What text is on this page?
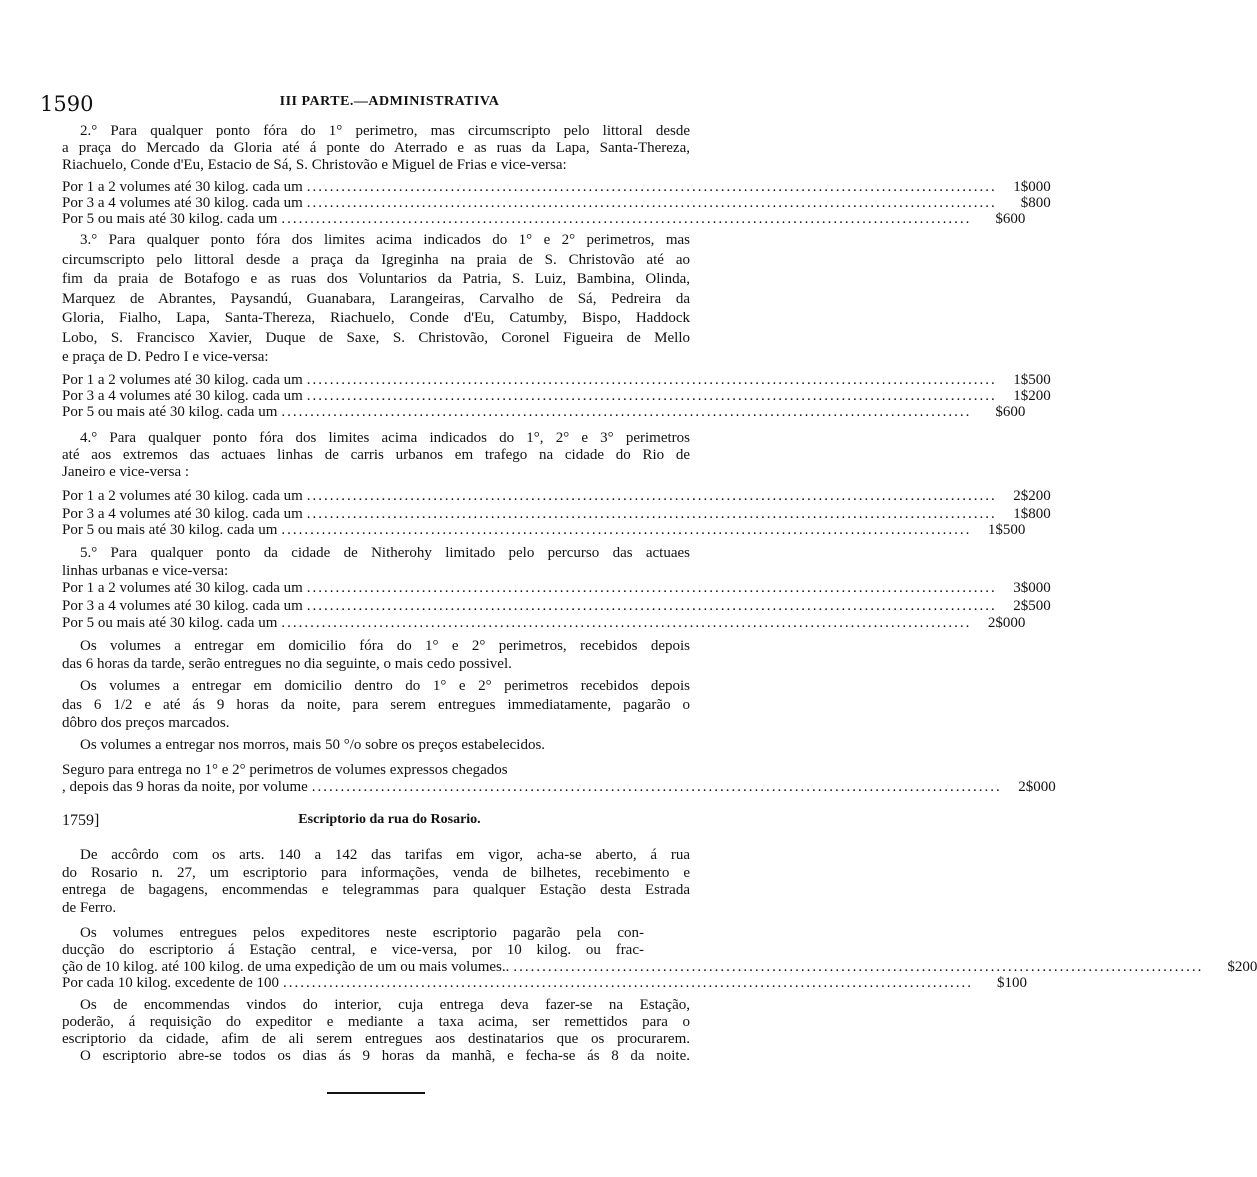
1590	III PARTE.—ADMINISTRATIVA
1759]	Escriptorio da rua do Rosario.
2.° Para qualquer ponto fóra do 1° perimetro, mas circumscripto pelo littoral desde
a praça do Mercado da Gloria até á ponte do Aterrado e as ruas da Lapa, Santa-Thereza,
Riachuelo, Conde d'Eu, Estacio de Sá, S. Christovão e Miguel de Frias e vice-versa:
Por 1 a 2 volumes até 30 kilog. cada um ........................................................................................................................	1$000
Por 3 a 4 volumes até 30 kilog. cada um ........................................................................................................................	$800
Por 5 ou mais até 30 kilog. cada um ........................................................................................................................	$600
3.° Para qualquer ponto fóra dos limites acima indicados do 1° e 2° perimetros, mas
circumscripto pelo littoral desde a praça da Igreginha na praia de S. Christovão até ao
fim da praia de Botafogo e as ruas dos Voluntarios da Patria, S. Luiz, Bambina, Olinda,
Marquez de Abrantes, Paysandú, Guanabara, Larangeiras, Carvalho de Sá, Pedreira da
Gloria, Fialho, Lapa, Santa-Thereza, Riachuelo, Conde d'Eu, Catumby, Bispo, Haddock
Lobo, S. Francisco Xavier, Duque de Saxe, S. Christovão, Coronel Figueira de Mello
e praça de D. Pedro I e vice-versa:
Por 1 a 2 volumes até 30 kilog. cada um ........................................................................................................................	1$500
Por 3 a 4 volumes até 30 kilog. cada um ........................................................................................................................	1$200
Por 5 ou mais até 30 kilog. cada um ........................................................................................................................	$600
4.° Para qualquer ponto fóra dos limites acima indicados do 1°, 2° e 3° perimetros
até aos extremos das actuaes linhas de carris urbanos em trafego na cidade do Rio de
Janeiro e vice-versa :
Por 1 a 2 volumes até 30 kilog. cada um ........................................................................................................................	2$200
Por 3 a 4 volumes até 30 kilog. cada um ........................................................................................................................	1$800
Por 5 ou mais até 30 kilog. cada um ........................................................................................................................	1$500
5.° Para qualquer ponto da cidade de Nitherohy limitado pelo percurso das actuaes
linhas urbanas e vice-versa:
Por 1 a 2 volumes até 30 kilog. cada um ........................................................................................................................	3$000
Por 3 a 4 volumes até 30 kilog. cada um ........................................................................................................................	2$500
Por 5 ou mais até 30 kilog. cada um ........................................................................................................................	2$000
Os volumes a entregar em domicilio fóra do 1° e 2° perimetros, recebidos depois
das 6 horas da tarde, serão entregues no dia seguinte, o mais cedo possivel.
Os volumes a entregar em domicilio dentro do 1° e 2° perimetros recebidos depois
das 6 1/2 e até ás 9 horas da noite, para serem entregues immediatamente, pagarão o
dôbro dos preços marcados.
Os volumes a entregar nos morros, mais 50 °/o sobre os preços estabelecidos.
Seguro para entrega no 1° e 2° perimetros de volumes expressos chegados
, depois das 9 horas da noite, por volume ........................................................................................................................	2$000
De accôrdo com os arts. 140 a 142 das tarifas em vigor, acha-se aberto, á rua
do Rosario n. 27, um escriptorio para informações, venda de bilhetes, recebimento e
entrega de bagagens, encommendas e telegrammas para qualquer Estação desta Estrada
de Ferro.
Os volumes entregues pelos expeditores neste escriptorio pagarão pela con-
ducção do escriptorio á Estação central, e vice-versa, por 10 kilog. ou frac-
ção de 10 kilog. até 100 kilog. de uma expedição de um ou mais volumes.. ........................................................................................................................	$200
Por cada 10 kilog. excedente de 100 ........................................................................................................................	$100
Os de encommendas vindos do interior, cuja entrega deva fazer-se na Estação,
poderão, á requisição do expeditor e mediante a taxa acima, ser remettidos para o
escriptorio da cidade, afim de ali serem entregues aos destinatarios que os procurarem.
O escriptorio abre-se todos os dias ás 9 horas da manhã, e fecha-se ás 8 da noite.
